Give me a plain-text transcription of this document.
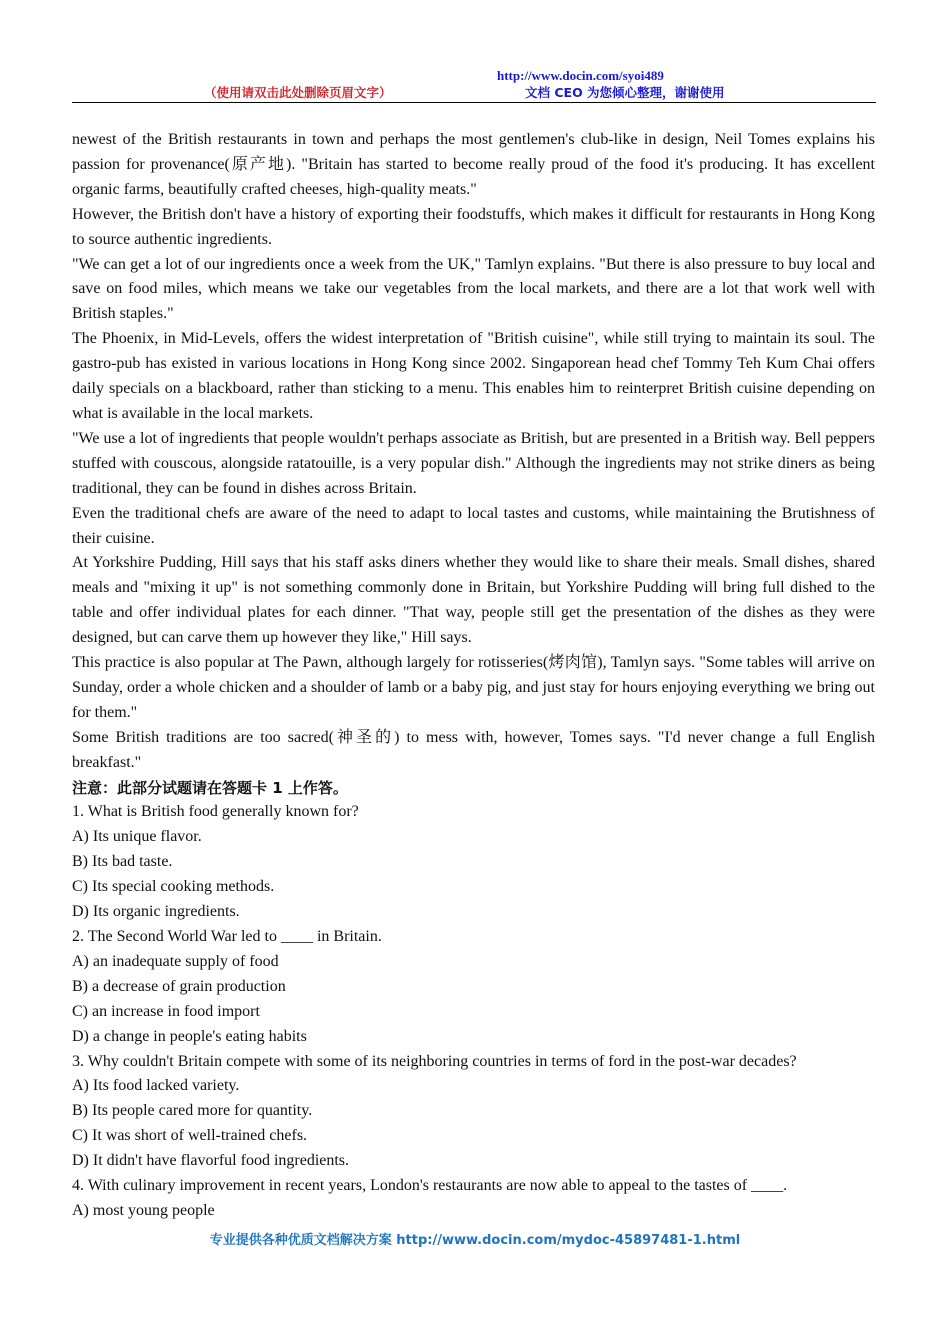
（使用请双击此处删除页眉文字）
http://www.docin.com/syoi489
文档 CEO 为您倾心整理，谢谢使用

newest of the British restaurants in town and perhaps the most gentlemen's club-like in design, Neil Tomes explains his passion for provenance(原产地). "Britain has started to become really proud of the food it's producing. It has excellent organic farms, beautifully crafted cheeses, high-quality meats."

However, the British don't have a history of exporting their foodstuffs, which makes it difficult for restaurants in Hong Kong to source authentic ingredients.

"We can get a lot of our ingredients once a week from the UK," Tamlyn explains. "But there is also pressure to buy local and save on food miles, which means we take our vegetables from the local markets, and there are a lot that work well with British staples."

The Phoenix, in Mid-Levels, offers the widest interpretation of "British cuisine", while still trying to maintain its soul. The gastro-pub has existed in various locations in Hong Kong since 2002. Singaporean head chef Tommy Teh Kum Chai offers daily specials on a blackboard, rather than sticking to a menu. This enables him to reinterpret British cuisine depending on what is available in the local markets.

"We use a lot of ingredients that people wouldn't perhaps associate as British, but are presented in a British way. Bell peppers stuffed with couscous, alongside ratatouille, is a very popular dish." Although the ingredients may not strike diners as being traditional, they can be found in dishes across Britain.

Even the traditional chefs are aware of the need to adapt to local tastes and customs, while maintaining the Brutishness of their cuisine.

At Yorkshire Pudding, Hill says that his staff asks diners whether they would like to share their meals. Small dishes, shared meals and "mixing it up" is not something commonly done in Britain, but Yorkshire Pudding will bring full dished to the table and offer individual plates for each dinner. "That way, people still get the presentation of the dishes as they were designed, but can carve them up however they like," Hill says.

This practice is also popular at The Pawn, although largely for rotisseries(烤肉馆), Tamlyn says. "Some tables will arrive on Sunday, order a whole chicken and a shoulder of lamb or a baby pig, and just stay for hours enjoying everything we bring out for them."

Some British traditions are too sacred(神圣的) to mess with, however, Tomes says. "I'd never change a full English breakfast."

注意：此部分试题请在答题卡 1 上作答。

1. What is British food generally known for?
A) Its unique flavor.
B) Its bad taste.
C) Its special cooking methods.
D) Its organic ingredients.
2. The Second World War led to ____ in Britain.
A) an inadequate supply of food
B) a decrease of grain production
C) an increase in food import
D) a change in people's eating habits
3. Why couldn't Britain compete with some of its neighboring countries in terms of ford in the post-war decades?
A) Its food lacked variety.
B) Its people cared more for quantity.
C) It was short of well-trained chefs.
D) It didn't have flavorful food ingredients.
4. With culinary improvement in recent years, London's restaurants are now able to appeal to the tastes of ____.
A) most young people
专业提供各种优质文档解决方案 http://www.docin.com/mydoc-45897481-1.html
